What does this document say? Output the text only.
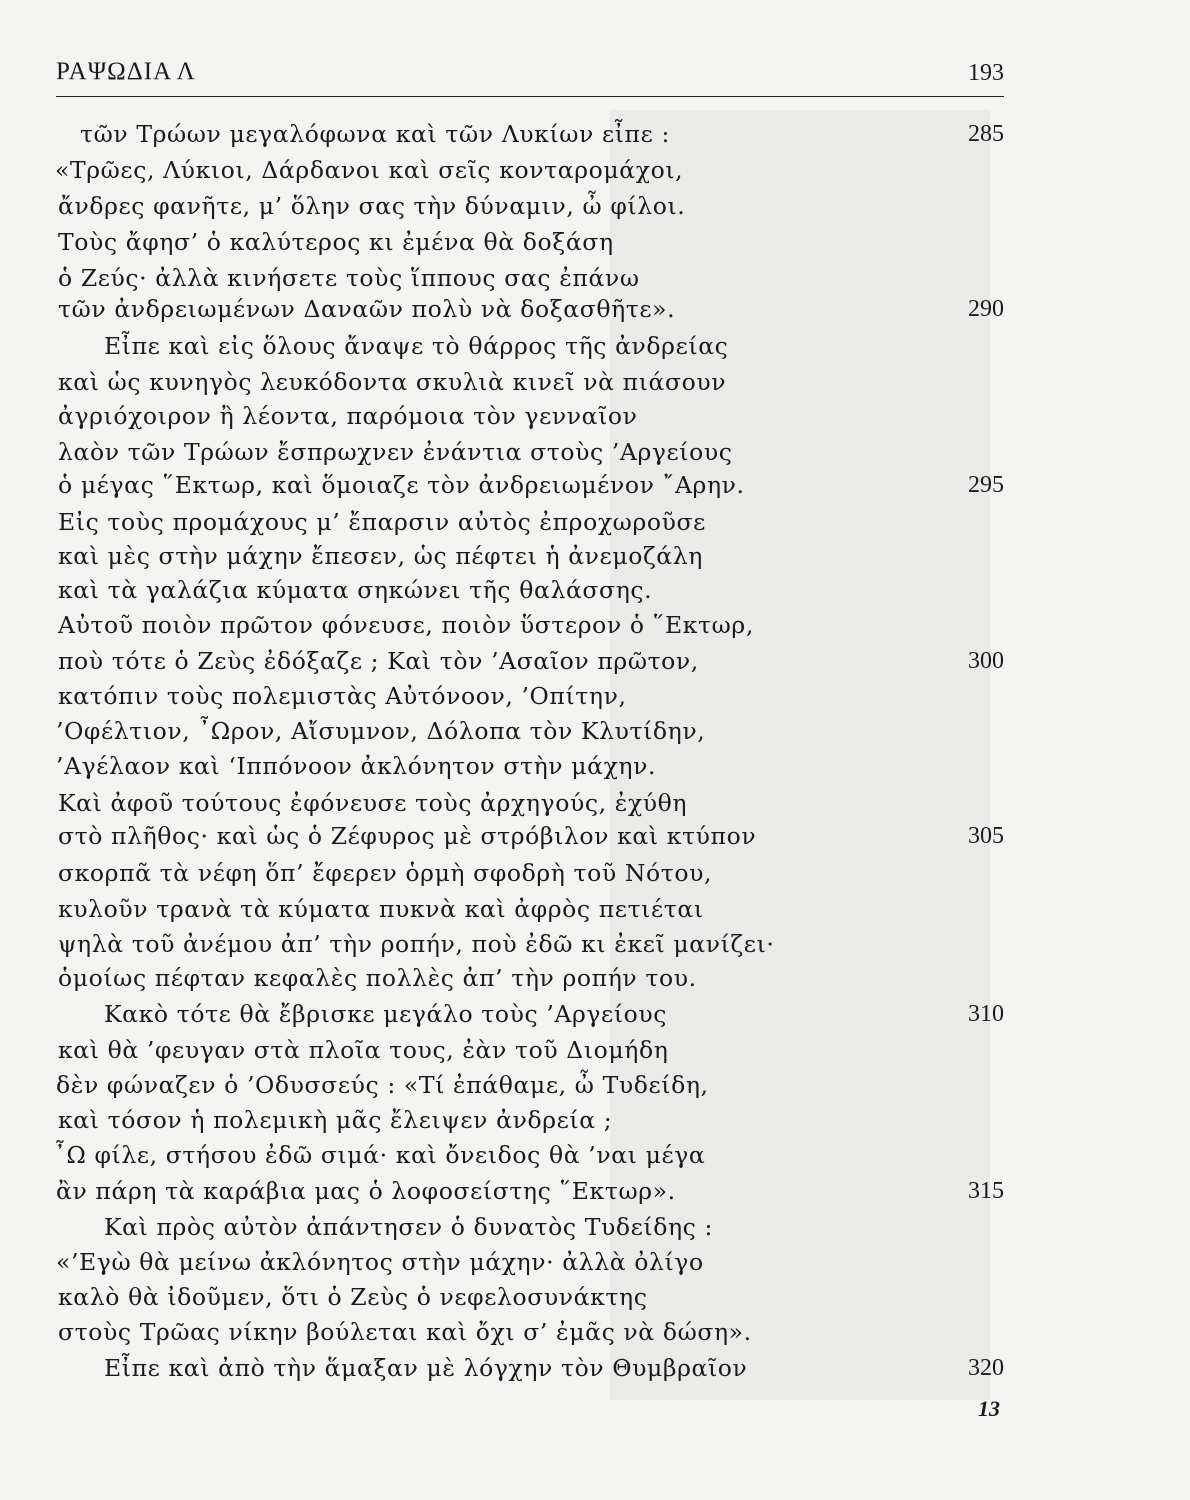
ΡΑΨΩΔΙΑ Λ	193
τῶν Τρώων μεγαλόφωνα καὶ τῶν Λυκίων εἶπε :	285
«Τρῶες, Λύκιοι, Δάρδανοι καὶ σεῖς κονταρομάχοι,
ἄνδρες φανῆτε, μ’ ὅλην σας τὴν δύναμιν, ὦ φίλοι.
Τοὺς ἄφησ’ ὁ καλύτερος κι ἐμένα θὰ δοξάση
ὁ Ζεύς· ἀλλὰ κινήσετε τοὺς ἵππους σας ἐπάνω
τῶν ἀνδρειωμένων Δαναῶν πολὺ νὰ δοξασθῆτε».	290
Εἶπε καὶ εἰς ὅλους ἄναψε τὸ θάρρος τῆς ἀνδρείας
καὶ ὡς κυνηγὸς λευκόδοντα σκυλιὰ κινεῖ νὰ πιάσουν
ἀγριόχοιρον ἢ λέοντα, παρόμοια τὸν γενναῖον
λαὸν τῶν Τρώων ἔσπρωχνεν ἐνάντια στοὺς ’Αργείους
ὁ μέγας ῞Εκτωρ, καὶ ὅμοιαζε τὸν ἀνδρειωμένον ῎Αρην.	295
Εἰς τοὺς προμάχους μ’ ἔπαρσιν αὐτὸς ἐπροχωροῦσε
καὶ μὲς στὴν μάχην ἔπεσεν, ὡς πέφτει ἡ ἀνεμοζάλη
καὶ τὰ γαλάζια κύματα σηκώνει τῆς θαλάσσης.
Αὐτοῦ ποιὸν πρῶτον φόνευσε, ποιὸν ὕστερον ὁ ῞Εκτωρ,
ποὺ τότε ὁ Ζεὺς ἐδόξαζε ; Καὶ τὸν ’Ασαῖον πρῶτον,	300
κατόπιν τοὺς πολεμιστὰς Αὐτόνοον, ’Οπίτην,
’Οφέλτιον, ῏Ωρον, Αἴσυμνον, Δόλοπα τὸν Κλυτίδην,
’Αγέλαον καὶ ‘Ιππόνοον ἀκλόνητον στὴν μάχην.
Καὶ ἀφοῦ τούτους ἐφόνευσε τοὺς ἀρχηγούς, ἐχύθη
στὸ πλῆθος· καὶ ὡς ὁ Ζέφυρος μὲ στρόβιλον καὶ κτύπον	305
σκορπᾶ τὰ νέφη ὅπ’ ἔφερεν ὁρμὴ σφοδρὴ τοῦ Νότου,
κυλοῦν τρανὰ τὰ κύματα πυκνὰ καὶ ἀφρὸς πετιέται
ψηλὰ τοῦ ἀνέμου ἀπ’ τὴν ροπήν, ποὺ ἐδῶ κι ἐκεῖ μανίζει·
ὁμοίως πέφταν κεφαλὲς πολλὲς ἀπ’ τὴν ροπήν του.
Κακὸ τότε θὰ ἔβρισκε μεγάλο τοὺς ’Αργείους	310
καὶ θὰ ’φευγαν στὰ πλοῖα τους, ἐὰν τοῦ Διομήδη
δὲν φώναζεν ὁ ’Οδυσσεύς : «Τί ἐπάθαμε, ὦ Τυδείδη,
καὶ τόσον ἡ πολεμικὴ μᾶς ἔλειψεν ἀνδρεία ;
῏Ω φίλε, στήσου ἐδῶ σιμά· καὶ ὄνειδος θὰ ’ναι μέγα
ἂν πάρη τὰ καράβια μας ὁ λοφοσείστης ῞Εκτωρ».	315
Καὶ πρὸς αὐτὸν ἀπάντησεν ὁ δυνατὸς Τυδείδης :
«’Εγὼ θὰ μείνω ἀκλόνητος στὴν μάχην· ἀλλὰ ὀλίγο
καλὸ θὰ ἰδοῦμεν, ὅτι ὁ Ζεὺς ὁ νεφελοσυνάκτης
στοὺς Τρῶας νίκην βούλεται καὶ ὄχι σ’ ἐμᾶς νὰ δώση».
Εἶπε καὶ ἀπὸ τὴν ἅμαξαν μὲ λόγχην τὸν Θυμβραῖον	320
13
